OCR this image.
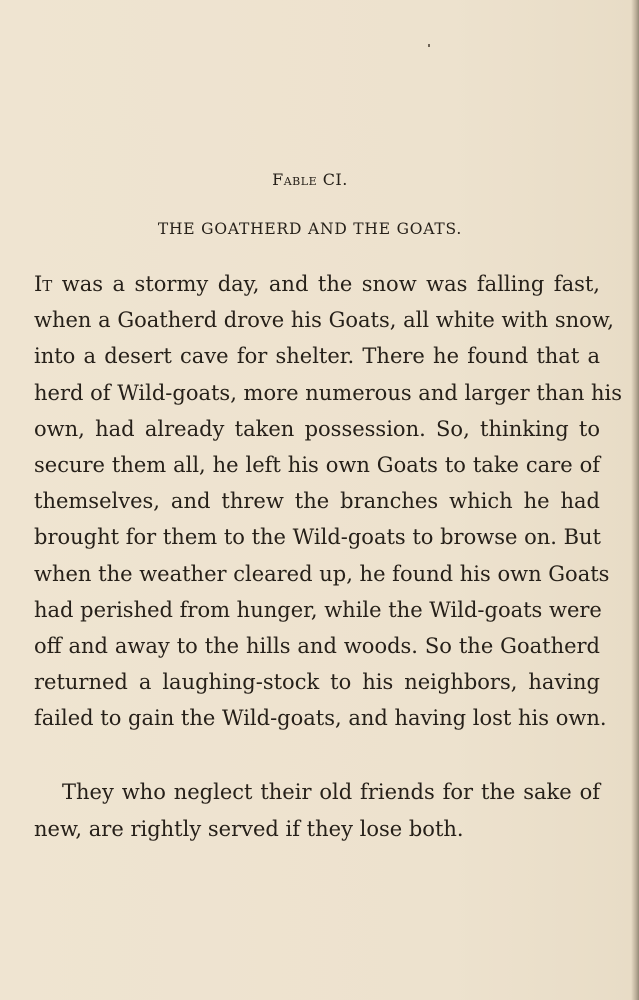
Fable CI.
THE GOATHERD AND THE GOATS.
It was a stormy day, and the snow was falling fast,
when a Goatherd drove his Goats, all white with snow,
into a desert cave for shelter. There he found that a
herd of Wild-goats, more numerous and larger than his
own, had already taken possession. So, thinking to
secure them all, he left his own Goats to take care of
themselves, and threw the branches which he had
brought for them to the Wild-goats to browse on. But
when the weather cleared up, he found his own Goats
had perished from hunger, while the Wild-goats were
off and away to the hills and woods. So the Goatherd
returned a laughing-stock to his neighbors, having
failed to gain the Wild-goats, and having lost his own.
They who neglect their old friends for the sake of
new, are rightly served if they lose both.
